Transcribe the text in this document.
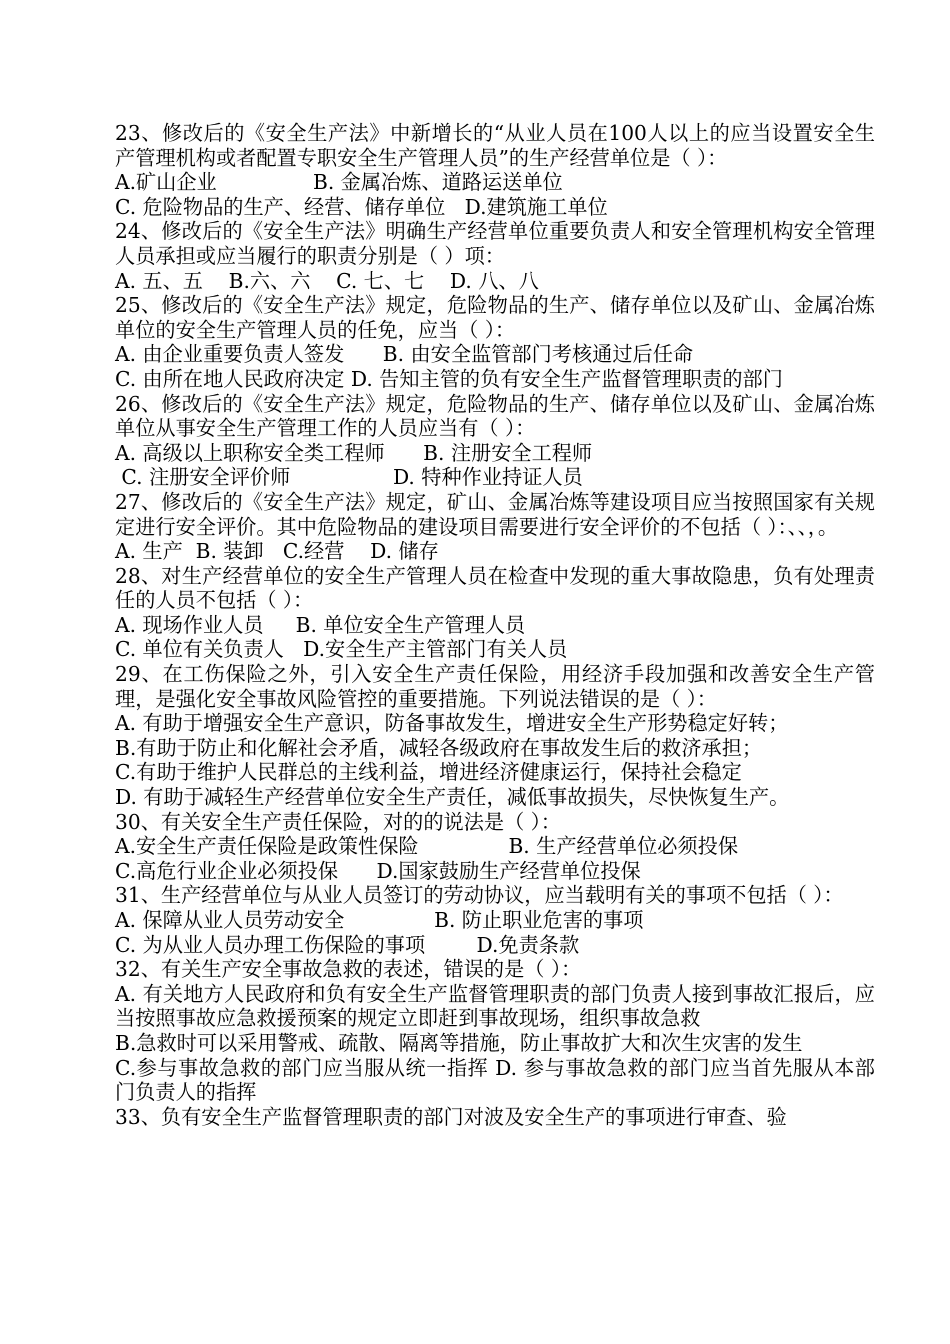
23、修改后的《安全生产法》中新增长的“从业人员在100人以上的应当设置安全生产管理机构或者配置专职安全生产管理人员”的生产经营单位是（ ）：

A.矿山企业               B. 金属冶炼、道路运送单位

C. 危险物品的生产、经营、储存单位   D.建筑施工单位

24、修改后的《安全生产法》明确生产经营单位重要负责人和安全管理机构安全管理人员承担或应当履行的职责分别是（ ）项：

A. 五、五    B.六、六    C. 七、七    D. 八、八

25、修改后的《安全生产法》规定，危险物品的生产、储存单位以及矿山、金属冶炼单位的安全生产管理人员的任免，应当（ ）：

A. 由企业重要负责人签发      B. 由安全监管部门考核通过后任命

C. 由所在地人民政府决定 D. 告知主管的负有安全生产监督管理职责的部门

26、修改后的《安全生产法》规定，危险物品的生产、储存单位以及矿山、金属冶炼单位从事安全生产管理工作的人员应当有（ ）：

A. 高级以上职称安全类工程师      B. 注册安全工程师

C. 注册安全评价师                D. 特种作业持证人员

27、修改后的《安全生产法》规定，矿山、金属冶炼等建设项目应当按照国家有关规定进行安全评价。其中危险物品的建设项目需要进行安全评价的不包括（ ）：、、，。

A. 生产  B. 装卸   C.经营    D. 储存

28、对生产经营单位的安全生产管理人员在检查中发现的重大事故隐患，负有处理责任的人员不包括（ ）：

A. 现场作业人员     B. 单位安全生产管理人员

C. 单位有关负责人   D.安全生产主管部门有关人员

29、在工伤保险之外，引入安全生产责任保险，用经济手段加强和改善安全生产管理，是强化安全事故风险管控的重要措施。下列说法错误的是（ ）：

A. 有助于增强安全生产意识，防备事故发生，增进安全生产形势稳定好转；

B.有助于防止和化解社会矛盾，减轻各级政府在事故发生后的救济承担；

C.有助于维护人民群总的主线利益，增进经济健康运行，保持社会稳定

D. 有助于减轻生产经营单位安全生产责任，减低事故损失，尽快恢复生产。

30、有关安全生产责任保险，对的的说法是（ ）：

A.安全生产责任保险是政策性保险              B. 生产经营单位必须投保

C.高危行业企业必须投保      D.国家鼓励生产经营单位投保

31、生产经营单位与从业人员签订的劳动协议，应当载明有关的事项不包括（ ）：

A. 保障从业人员劳动安全              B. 防止职业危害的事项

C. 为从业人员办理工伤保险的事项        D.免责条款

32、有关生产安全事故急救的表述，错误的是（ ）：

A. 有关地方人民政府和负有安全生产监督管理职责的部门负责人接到事故汇报后，应当按照事故应急救援预案的规定立即赶到事故现场，组织事故急救

B.急救时可以采用警戒、疏散、隔离等措施，防止事故扩大和次生灾害的发生

C.参与事故急救的部门应当服从统一指挥 D. 参与事故急救的部门应当首先服从本部门负责人的指挥

33、负有安全生产监督管理职责的部门对波及安全生产的事项进行审查、验
